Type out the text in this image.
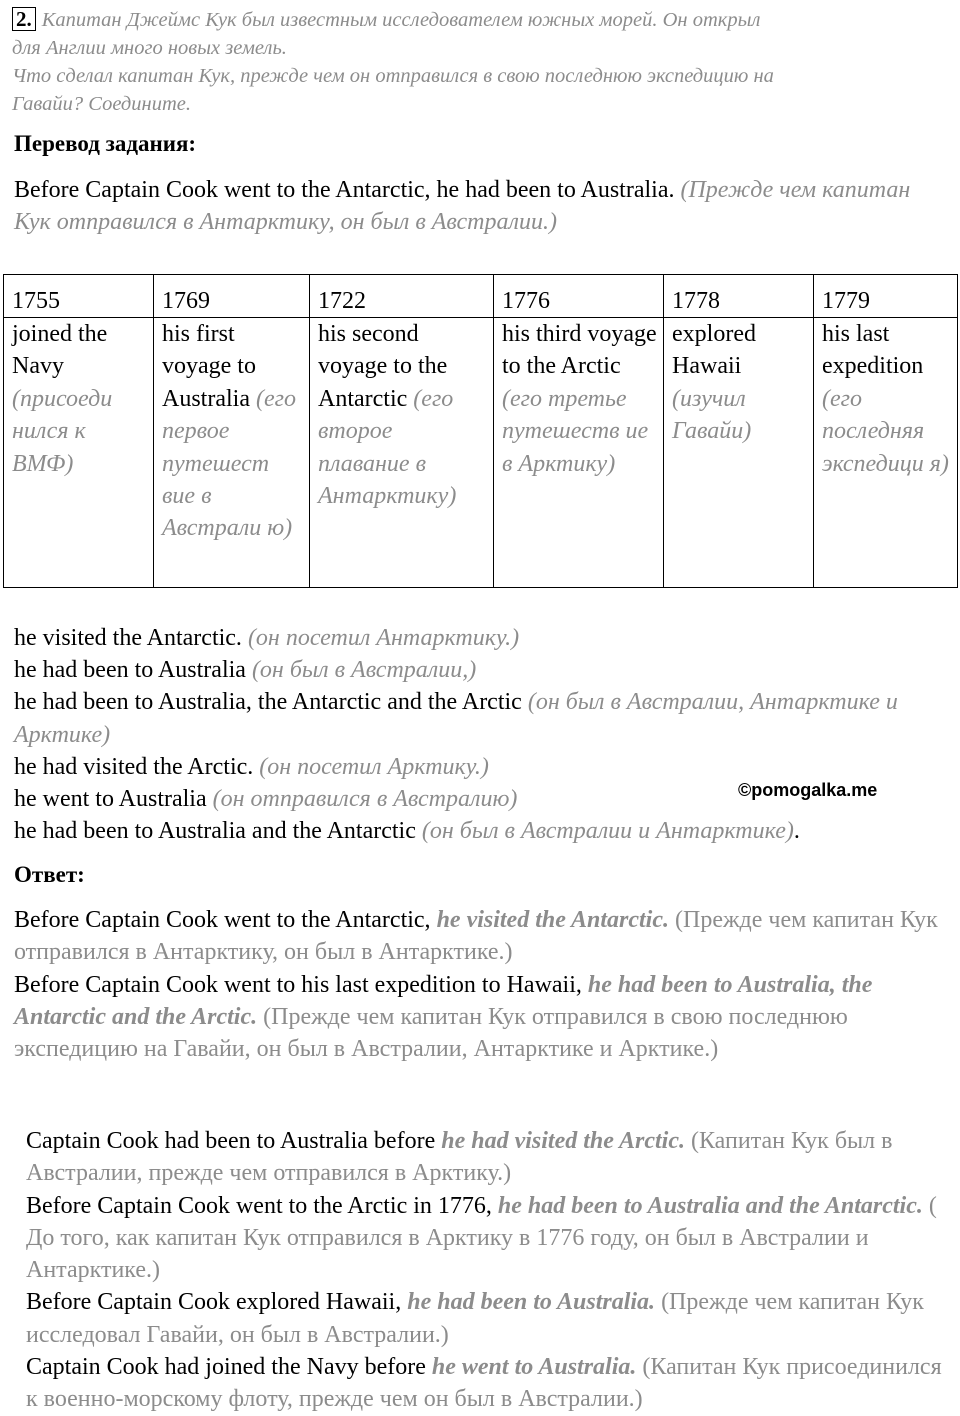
2. Капитан Джеймс Кук был известным исследователем южных морей. Он открыл
для Англии много новых земель.
Что сделал капитан Кук, прежде чем он отправился в свою последнюю экспедицию на
Гавайи? Соедините.
Перевод задания:
Before Captain Cook went to the Antarctic, he had been to Australia. (Прежде чем капитан Кук отправился в Антарктику, он был в Австралии.)
1755	1769	1722	1776	1778	1779
joined the Navy (присоеди нился к ВМФ)	his first voyage to Australia (его первое путешест вие в Австрали ю)	his second voyage to the Antarctic (его второе плавание в Антарктику)	his third voyage to the Arctic (его третье путешеств ие в Арктику)	explored Hawaii (изучил Гавайи)	his last expedition (его последняя экспедици я)
he visited the Antarctic. (он посетил Антарктику.)
he had been to Australia (он был в Австралии,)
he had been to Australia, the Antarctic and the Arctic (он был в Австралии, Антарктике и Арктике)
he had visited the Arctic. (он посетил Арктику.)
he went to Australia (он отправился в Австралию)
he had been to Australia and the Antarctic (он был в Австралии и Антарктике).
©pomogalka.me
Ответ:

Before Captain Cook went to the Antarctic, he visited the Antarctic. (Прежде чем капитан Кук отправился в Антарктику, он был в Антарктике.)

Before Captain Cook went to his last expedition to Hawaii, he had been to Australia, the Antarctic and the Arctic. (Прежде чем капитан Кук отправился в свою последнюю экспедицию на Гавайи, он был в Австралии, Антарктике и Арктике.)

Captain Cook had been to Australia before he had visited the Arctic. (Капитан Кук был в Австралии, прежде чем отправился в Арктику.)

Before Captain Cook went to the Arctic in 1776, he had been to Australia and the Antarctic. ( До того, как капитан Кук отправился в Арктику в 1776 году, он был в Австралии и Антарктике.)

Before Captain Cook explored Hawaii, he had been to Australia. (Прежде чем капитан Кук исследовал Гавайи, он был в Австралии.)

Captain Cook had joined the Navy before he went to Australia. (Капитан Кук присоединился к военно-морскому флоту, прежде чем он был в Австралии.)
